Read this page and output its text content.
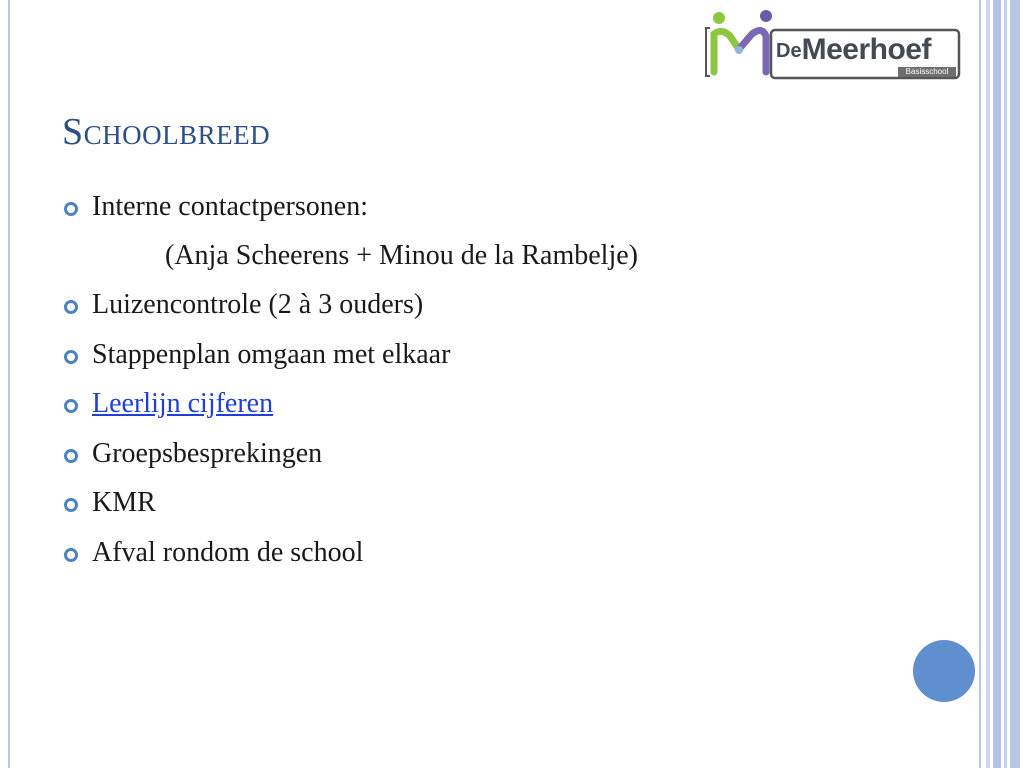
DeMeerhoef
Basisschool
Schoolbreed
Interne contactpersonen:
(Anja Scheerens + Minou de la Rambelje)
Luizencontrole (2 à 3 ouders)
Stappenplan omgaan met elkaar
Leerlijn cijferen
Groepsbesprekingen
KMR
Afval rondom de school
